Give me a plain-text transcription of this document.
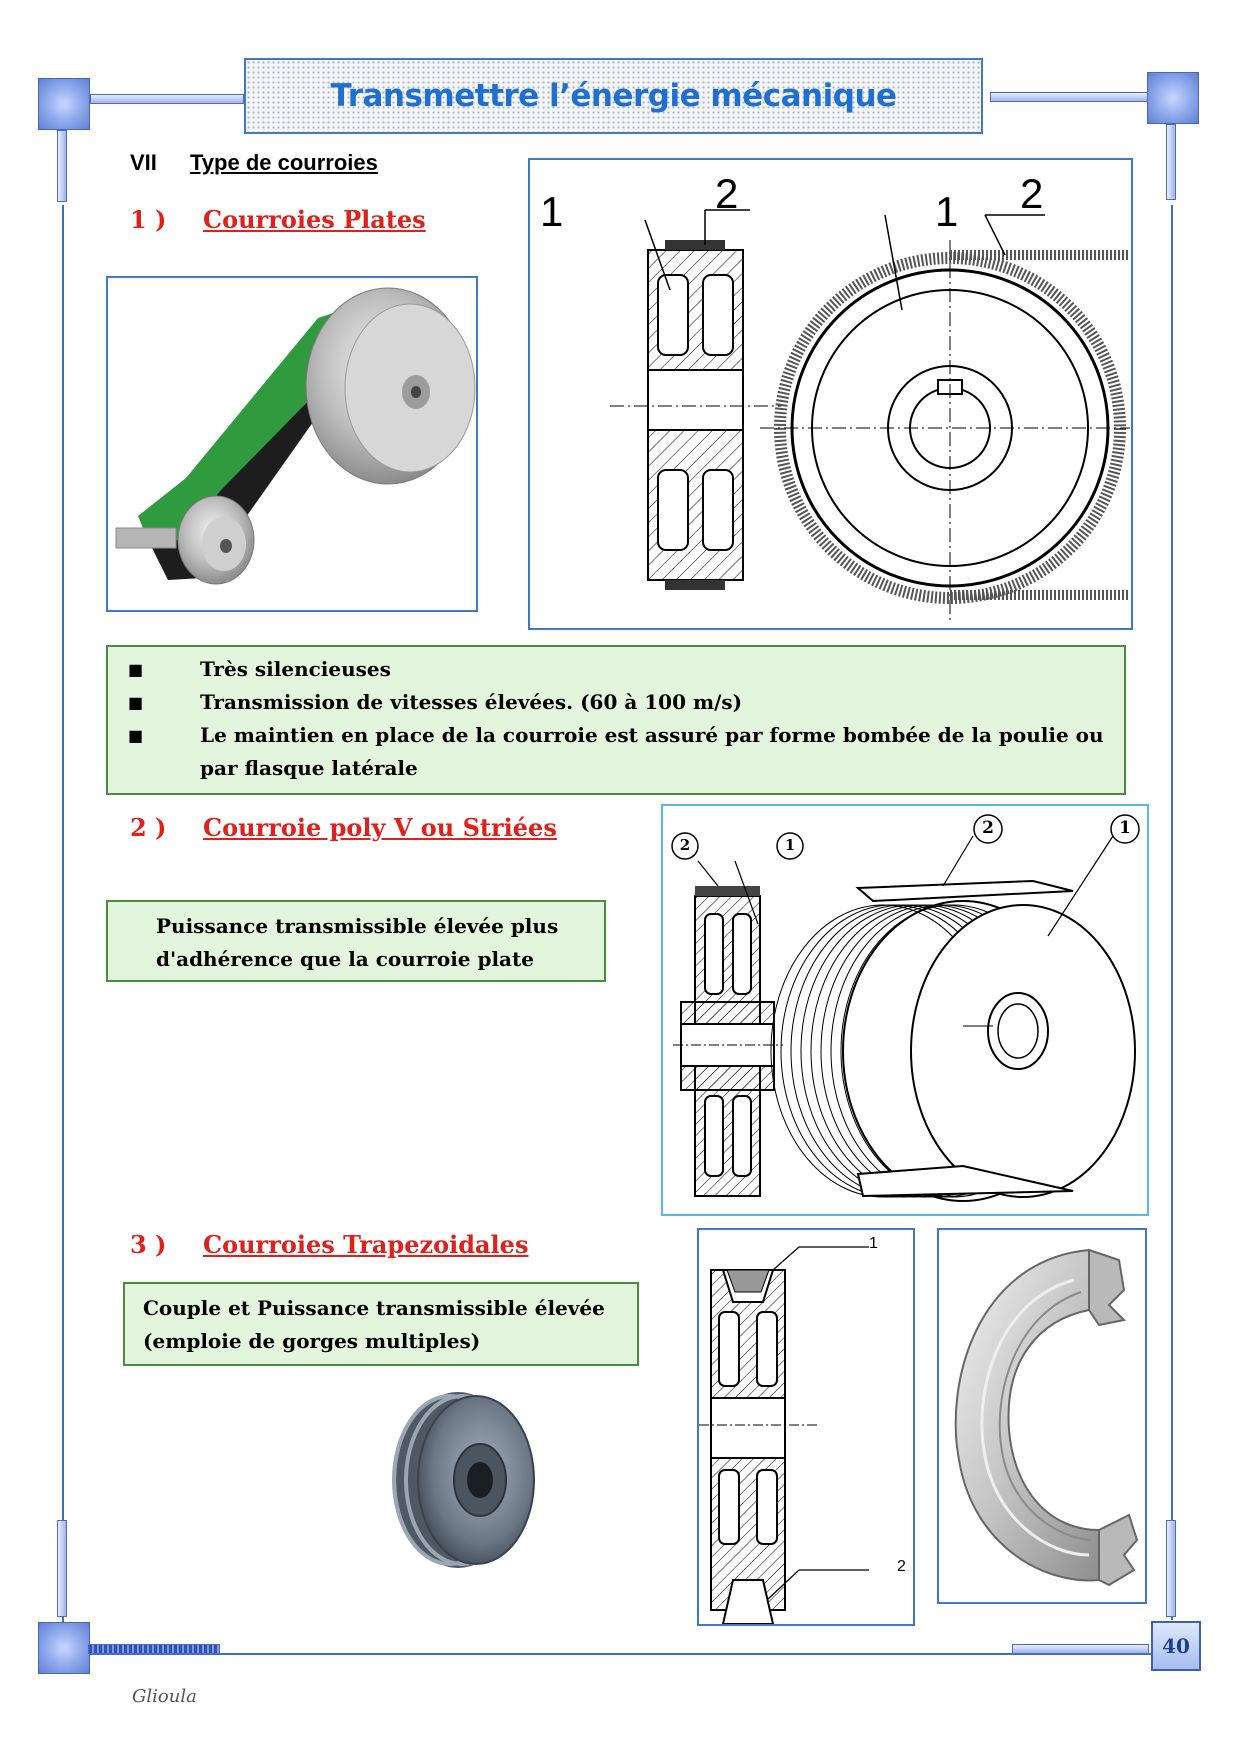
Transmettre l’énergie mécanique
VII Type de courroies
1 ) Courroies Plates	1	2	1 2
■	Très silencieuses
■	Transmission de vitesses élevées. (60 à 100 m/s)
■	Le maintien en place de la courroie est assuré par forme bombée de la poulie ou
par flasque latérale
2 ) Courroie poly V ou Striées
Puissance transmissible élevée plus
d'adhérence que la courroie plate
2	1
2	1
3 ) Courroies Trapezoidales
Couple et Puissance transmissible élevée
(emploie de gorges multiples)
1
2
40
Glioula
